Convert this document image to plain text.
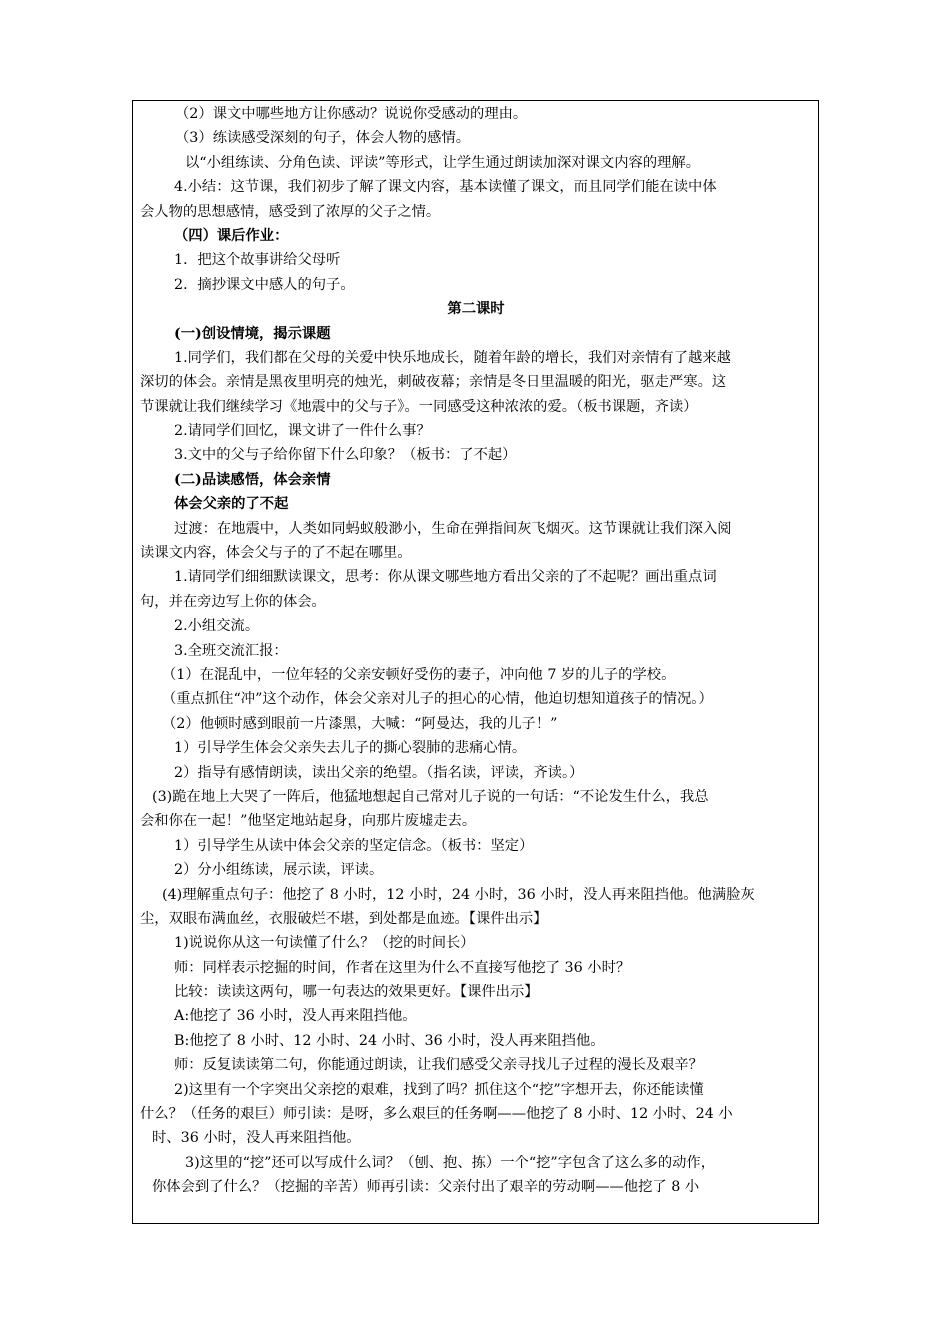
（2）课文中哪些地方让你感动？说说你受感动的理由。
（3）练读感受深刻的句子，体会人物的感情。
以“小组练读、分角色读、评读”等形式，让学生通过朗读加深对课文内容的理解。
4.小结：这节课，我们初步了解了课文内容，基本读懂了课文，而且同学们能在读中体
会人物的思想感情，感受到了浓厚的父子之情。
（四）课后作业：
1．把这个故事讲给父母听
2．摘抄课文中感人的句子。
第二课时
(一)创设情境，揭示课题
1.同学们，我们都在父母的关爱中快乐地成长，随着年龄的增长，我们对亲情有了越来越
深切的体会。亲情是黑夜里明亮的烛光，刺破夜幕；亲情是冬日里温暖的阳光，驱走严寒。这
节课就让我们继续学习《地震中的父与子》。一同感受这种浓浓的爱。（板书课题，齐读）
2.请同学们回忆，课文讲了一件什么事？
3.文中的父与子给你留下什么印象？（板书：了不起）
(二)品读感悟，体会亲情
体会父亲的了不起
过渡：在地震中，人类如同蚂蚁般渺小，生命在弹指间灰飞烟灭。这节课就让我们深入阅
读课文内容，体会父与子的了不起在哪里。
1.请同学们细细默读课文，思考：你从课文哪些地方看出父亲的了不起呢？画出重点词
句，并在旁边写上你的体会。
2.小组交流。
3.全班交流汇报：
（1）在混乱中，一位年轻的父亲安顿好受伤的妻子，冲向他 7 岁的儿子的学校。
（重点抓住“冲”这个动作，体会父亲对儿子的担心的心情，他迫切想知道孩子的情况。）
（2）他顿时感到眼前一片漆黑，大喊：“阿曼达，我的儿子！”
1）引导学生体会父亲失去儿子的撕心裂肺的悲痛心情。
2）指导有感情朗读，读出父亲的绝望。（指名读，评读，齐读。）
(3)跪在地上大哭了一阵后，他猛地想起自己常对儿子说的一句话：“不论发生什么，我总
会和你在一起！”他坚定地站起身，向那片废墟走去。
1）引导学生从读中体会父亲的坚定信念。（板书：坚定）
2）分小组练读，展示读，评读。
(4)理解重点句子：他挖了 8 小时，12 小时，24 小时，36 小时，没人再来阻挡他。他满脸灰
尘，双眼布满血丝，衣服破烂不堪，到处都是血迹。【课件出示】
1)说说你从这一句读懂了什么？（挖的时间长）
师：同样表示挖掘的时间，作者在这里为什么不直接写他挖了 36 小时？
比较：读读这两句，哪一句表达的效果更好。【课件出示】
A:他挖了 36 小时，没人再来阻挡他。
B:他挖了 8 小时、12 小时、24 小时、36 小时，没人再来阻挡他。
师：反复读读第二句，你能通过朗读，让我们感受父亲寻找儿子过程的漫长及艰辛？
2)这里有一个字突出父亲挖的艰难，找到了吗？抓住这个“挖”字想开去，你还能读懂
什么？（任务的艰巨）师引读：是呀，多么艰巨的任务啊——他挖了 8 小时、12 小时、24 小
时、36 小时，没人再来阻挡他。
3)这里的“挖”还可以写成什么词？（刨、抱、拣）一个“挖”字包含了这么多的动作，
你体会到了什么？（挖掘的辛苦）师再引读：父亲付出了艰辛的劳动啊——他挖了 8 小
